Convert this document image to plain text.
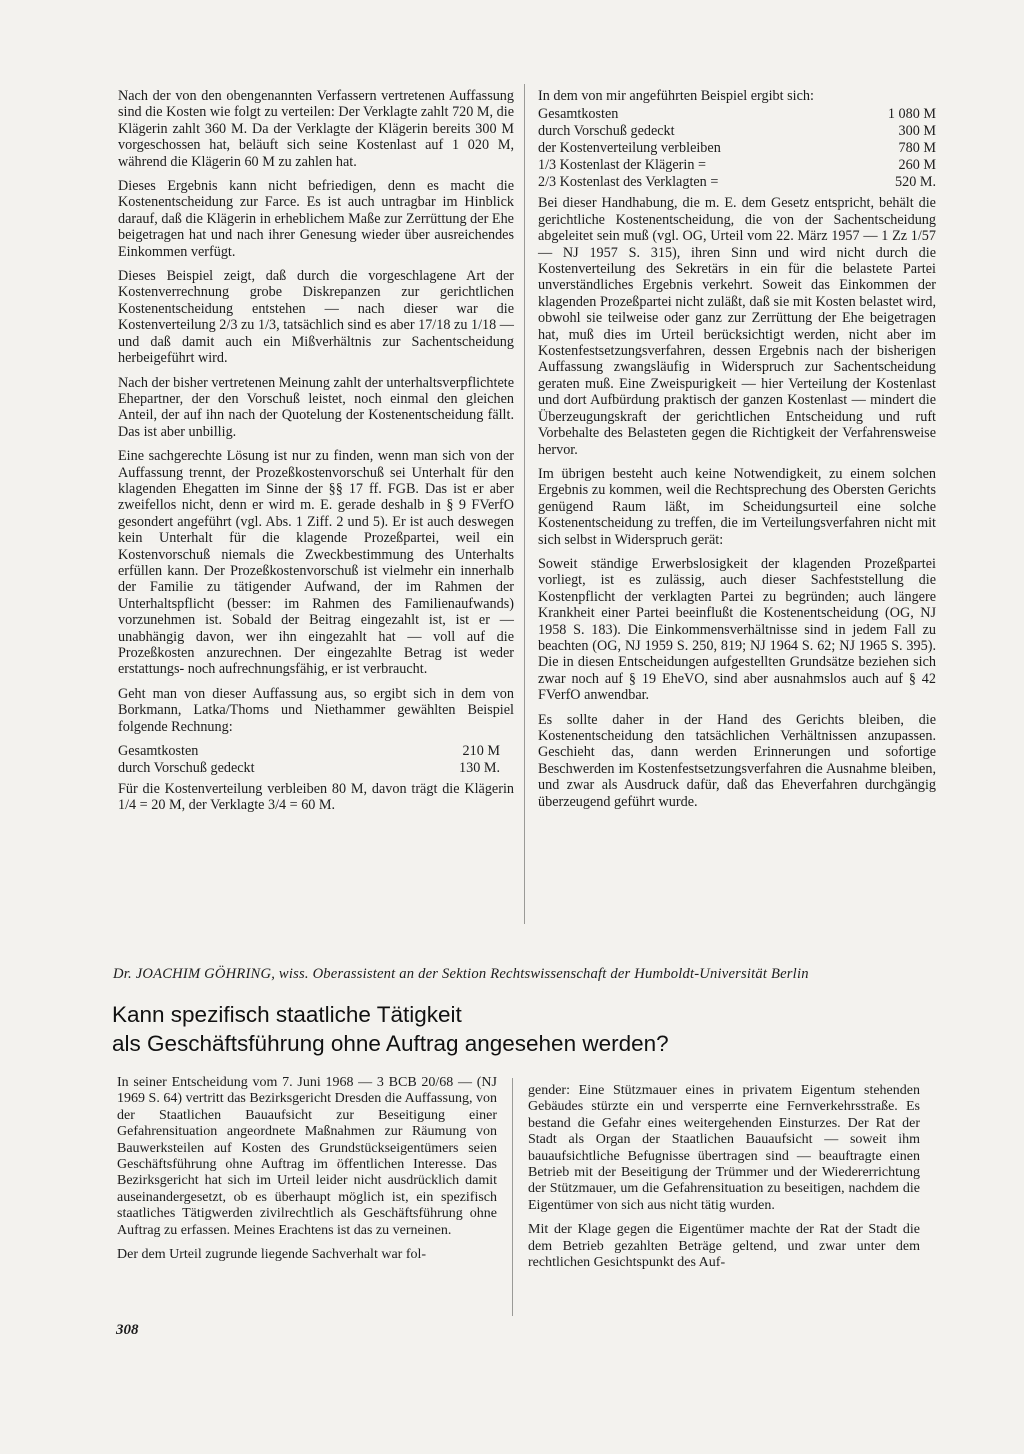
Nach der von den obengenannten Verfassern vertretenen Auffassung sind die Kosten wie folgt zu verteilen: Der Verklagte zahlt 720 M, die Klägerin zahlt 360 M. Da der Verklagte der Klägerin bereits 300 M vorgeschossen hat, beläuft sich seine Kostenlast auf 1 020 M, während die Klägerin 60 M zu zahlen hat.

Dieses Ergebnis kann nicht befriedigen, denn es macht die Kostenentscheidung zur Farce. Es ist auch untragbar im Hinblick darauf, daß die Klägerin in erheblichem Maße zur Zerrüttung der Ehe beigetragen hat und nach ihrer Genesung wieder über ausreichendes Einkommen verfügt.

Dieses Beispiel zeigt, daß durch die vorgeschlagene Art der Kostenverrechnung grobe Diskrepanzen zur gerichtlichen Kostenentscheidung entstehen — nach dieser war die Kostenverteilung 2/3 zu 1/3, tatsächlich sind es aber 17/18 zu 1/18 — und daß damit auch ein Mißverhältnis zur Sachentscheidung herbeigeführt wird.

Nach der bisher vertretenen Meinung zahlt der unterhaltsverpflichtete Ehepartner, der den Vorschuß leistet, noch einmal den gleichen Anteil, der auf ihn nach der Quotelung der Kostenentscheidung fällt. Das ist aber unbillig.

Eine sachgerechte Lösung ist nur zu finden, wenn man sich von der Auffassung trennt, der Prozeßkostenvorschuß sei Unterhalt für den klagenden Ehegatten im Sinne der §§ 17 ff. FGB. Das ist er aber zweifellos nicht, denn er wird m. E. gerade deshalb in § 9 FVerfO gesondert angeführt (vgl. Abs. 1 Ziff. 2 und 5). Er ist auch deswegen kein Unterhalt für die klagende Prozeßpartei, weil ein Kostenvorschuß niemals die Zweckbestimmung des Unterhalts erfüllen kann. Der Prozeßkostenvorschuß ist vielmehr ein innerhalb der Familie zu tätigender Aufwand, der im Rahmen der Unterhaltspflicht (besser: im Rahmen des Familienaufwands) vorzunehmen ist. Sobald der Beitrag eingezahlt ist, ist er — unabhängig davon, wer ihn eingezahlt hat — voll auf die Prozeßkosten anzurechnen. Der eingezahlte Betrag ist weder erstattungs- noch aufrechnungsfähig, er ist verbraucht.

Geht man von dieser Auffassung aus, so ergibt sich in dem von Borkmann, Latka/Thoms und Niethammer gewählten Beispiel folgende Rechnung:

Gesamtkosten	210 M
durch Vorschuß gedeckt	130 M.

Für die Kostenverteilung verbleiben 80 M, davon trägt die Klägerin 1/4 = 20 M, der Verklagte 3/4 = 60 M.

In dem von mir angeführten Beispiel ergibt sich:

Gesamtkosten	1 080 M
durch Vorschuß gedeckt	300 M
der Kostenverteilung verbleiben	780 M
1/3 Kostenlast der Klägerin =	260 M
2/3 Kostenlast des Verklagten =	520 M.

Bei dieser Handhabung, die m. E. dem Gesetz entspricht, behält die gerichtliche Kostenentscheidung, die von der Sachentscheidung abgeleitet sein muß (vgl. OG, Urteil vom 22. März 1957 — 1 Zz 1/57 — NJ 1957 S. 315), ihren Sinn und wird nicht durch die Kostenverteilung des Sekretärs in ein für die belastete Partei unverständliches Ergebnis verkehrt. Soweit das Einkommen der klagenden Prozeßpartei nicht zuläßt, daß sie mit Kosten belastet wird, obwohl sie teilweise oder ganz zur Zerrüttung der Ehe beigetragen hat, muß dies im Urteil berücksichtigt werden, nicht aber im Kostenfestsetzungsverfahren, dessen Ergebnis nach der bisherigen Auffassung zwangsläufig in Widerspruch zur Sachentscheidung geraten muß. Eine Zweispurigkeit — hier Verteilung der Kostenlast und dort Aufbürdung praktisch der ganzen Kostenlast — mindert die Überzeugungskraft der gerichtlichen Entscheidung und ruft Vorbehalte des Belasteten gegen die Richtigkeit der Verfahrensweise hervor.

Im übrigen besteht auch keine Notwendigkeit, zu einem solchen Ergebnis zu kommen, weil die Rechtsprechung des Obersten Gerichts genügend Raum läßt, im Scheidungsurteil eine solche Kostenentscheidung zu treffen, die im Verteilungsverfahren nicht mit sich selbst in Widerspruch gerät:

Soweit ständige Erwerbslosigkeit der klagenden Prozeßpartei vorliegt, ist es zulässig, auch dieser Sachfeststellung die Kostenpflicht der verklagten Partei zu begründen; auch längere Krankheit einer Partei beeinflußt die Kostenentscheidung (OG, NJ 1958 S. 183). Die Einkommensverhältnisse sind in jedem Fall zu beachten (OG, NJ 1959 S. 250, 819; NJ 1964 S. 62; NJ 1965 S. 395). Die in diesen Entscheidungen aufgestellten Grundsätze beziehen sich zwar noch auf § 19 EheVO, sind aber ausnahmslos auch auf § 42 FVerfO anwendbar.

Es sollte daher in der Hand des Gerichts bleiben, die Kostenentscheidung den tatsächlichen Verhältnissen anzupassen. Geschieht das, dann werden Erinnerungen und sofortige Beschwerden im Kostenfestsetzungsverfahren die Ausnahme bleiben, und zwar als Ausdruck dafür, daß das Eheverfahren durchgängig überzeugend geführt wurde.

Dr. JOACHIM GÖHRING, wiss. Oberassistent an der Sektion Rechtswissenschaft der Humboldt-Universität Berlin
Kann spezifisch staatliche Tätigkeit
als Geschäftsführung ohne Auftrag angesehen werden?

In seiner Entscheidung vom 7. Juni 1968 — 3 BCB 20/68 — (NJ 1969 S. 64) vertritt das Bezirksgericht Dresden die Auffassung, von der Staatlichen Bauaufsicht zur Beseitigung einer Gefahrensituation angeordnete Maßnahmen zur Räumung von Bauwerksteilen auf Kosten des Grundstückseigentümers seien Geschäftsführung ohne Auftrag im öffentlichen Interesse. Das Bezirksgericht hat sich im Urteil leider nicht ausdrücklich damit auseinandergesetzt, ob es überhaupt möglich ist, ein spezifisch staatliches Tätigwerden zivilrechtlich als Geschäftsführung ohne Auftrag zu erfassen. Meines Erachtens ist das zu verneinen.

Der dem Urteil zugrunde liegende Sachverhalt war fol-

gender: Eine Stützmauer eines in privatem Eigentum stehenden Gebäudes stürzte ein und versperrte eine Fernverkehrsstraße. Es bestand die Gefahr eines weitergehenden Einsturzes. Der Rat der Stadt als Organ der Staatlichen Bauaufsicht — soweit ihm bauaufsichtliche Befugnisse übertragen sind — beauftragte einen Betrieb mit der Beseitigung der Trümmer und der Wiedererrichtung der Stützmauer, um die Gefahrensituation zu beseitigen, nachdem die Eigentümer von sich aus nicht tätig wurden.

Mit der Klage gegen die Eigentümer machte der Rat der Stadt die dem Betrieb gezahlten Beträge geltend, und zwar unter dem rechtlichen Gesichtspunkt des Auf-

308
